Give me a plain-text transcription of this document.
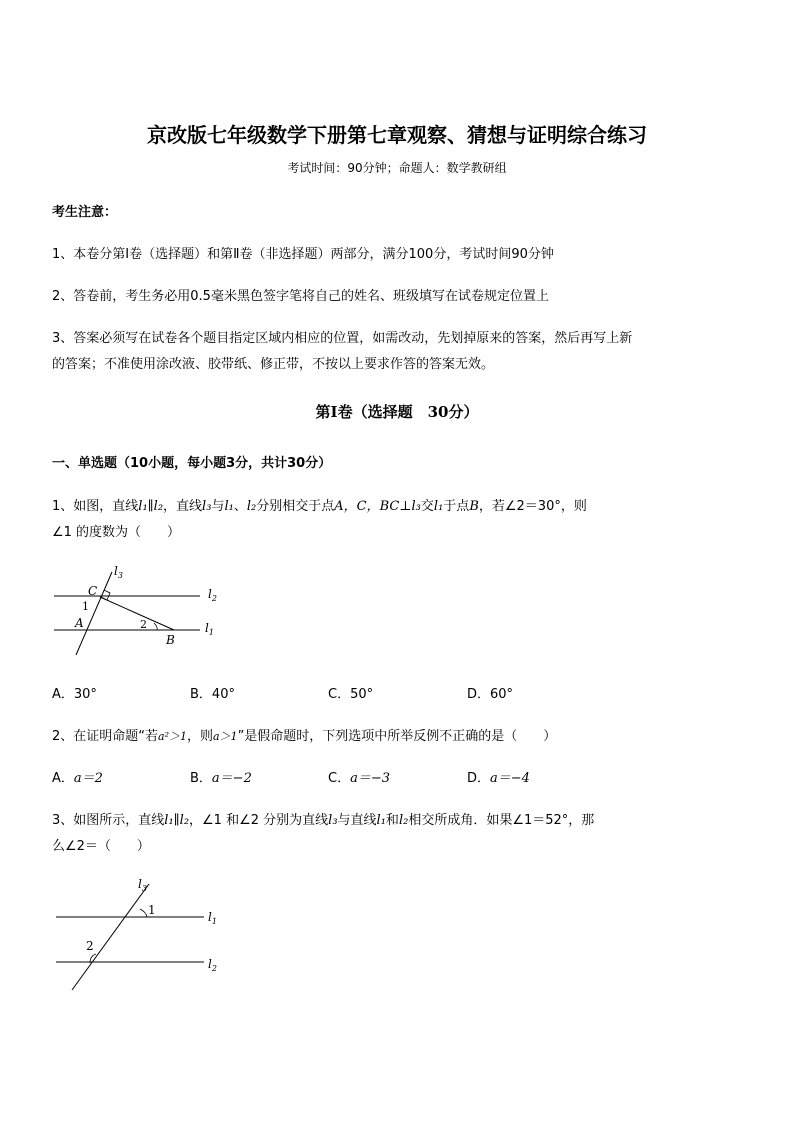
京改版七年级数学下册第七章观察、猜想与证明综合练习
考试时间：90分钟；命题人：数学教研组
考生注意：
1、本卷分第Ⅰ卷（选择题）和第Ⅱ卷（非选择题）两部分，满分100分，考试时间90分钟
2、答卷前，考生务必用0.5毫米黑色签字笔将自己的姓名、班级填写在试卷规定位置上
3、答案必须写在试卷各个题目指定区域内相应的位置，如需改动，先划掉原来的答案，然后再写上新
的答案；不准使用涂改液、胶带纸、修正带，不按以上要求作答的答案无效。
第Ⅰ卷（选择题　30分）
一、单选题（10小题，每小题3分，共计30分）
1、如图，直线l₁∥l₂，直线l₃与l₁、l₂分别相交于点A，C，BC⊥l₃交l₁于点B，若∠2＝30°，则
∠1 的度数为（　　）
$l_3$
$l_2$
$l_1$
C
1
A	2
B
A．30°	B．40°	C．50°	D．60°
2、在证明命题“若a²＞1，则a＞1”是假命题时，下列选项中所举反例不正确的是（　　）
A．a＝2	B．a＝−2	C．a＝−3	D．a＝−4
3、如图所示，直线l₁∥l₂，∠1 和∠2 分别为直线l₃与直线l₁和l₂相交所成角．如果∠1＝52°，那
么∠2＝（　　）
$l_3$
1	$l_1$
2
$l_2$
